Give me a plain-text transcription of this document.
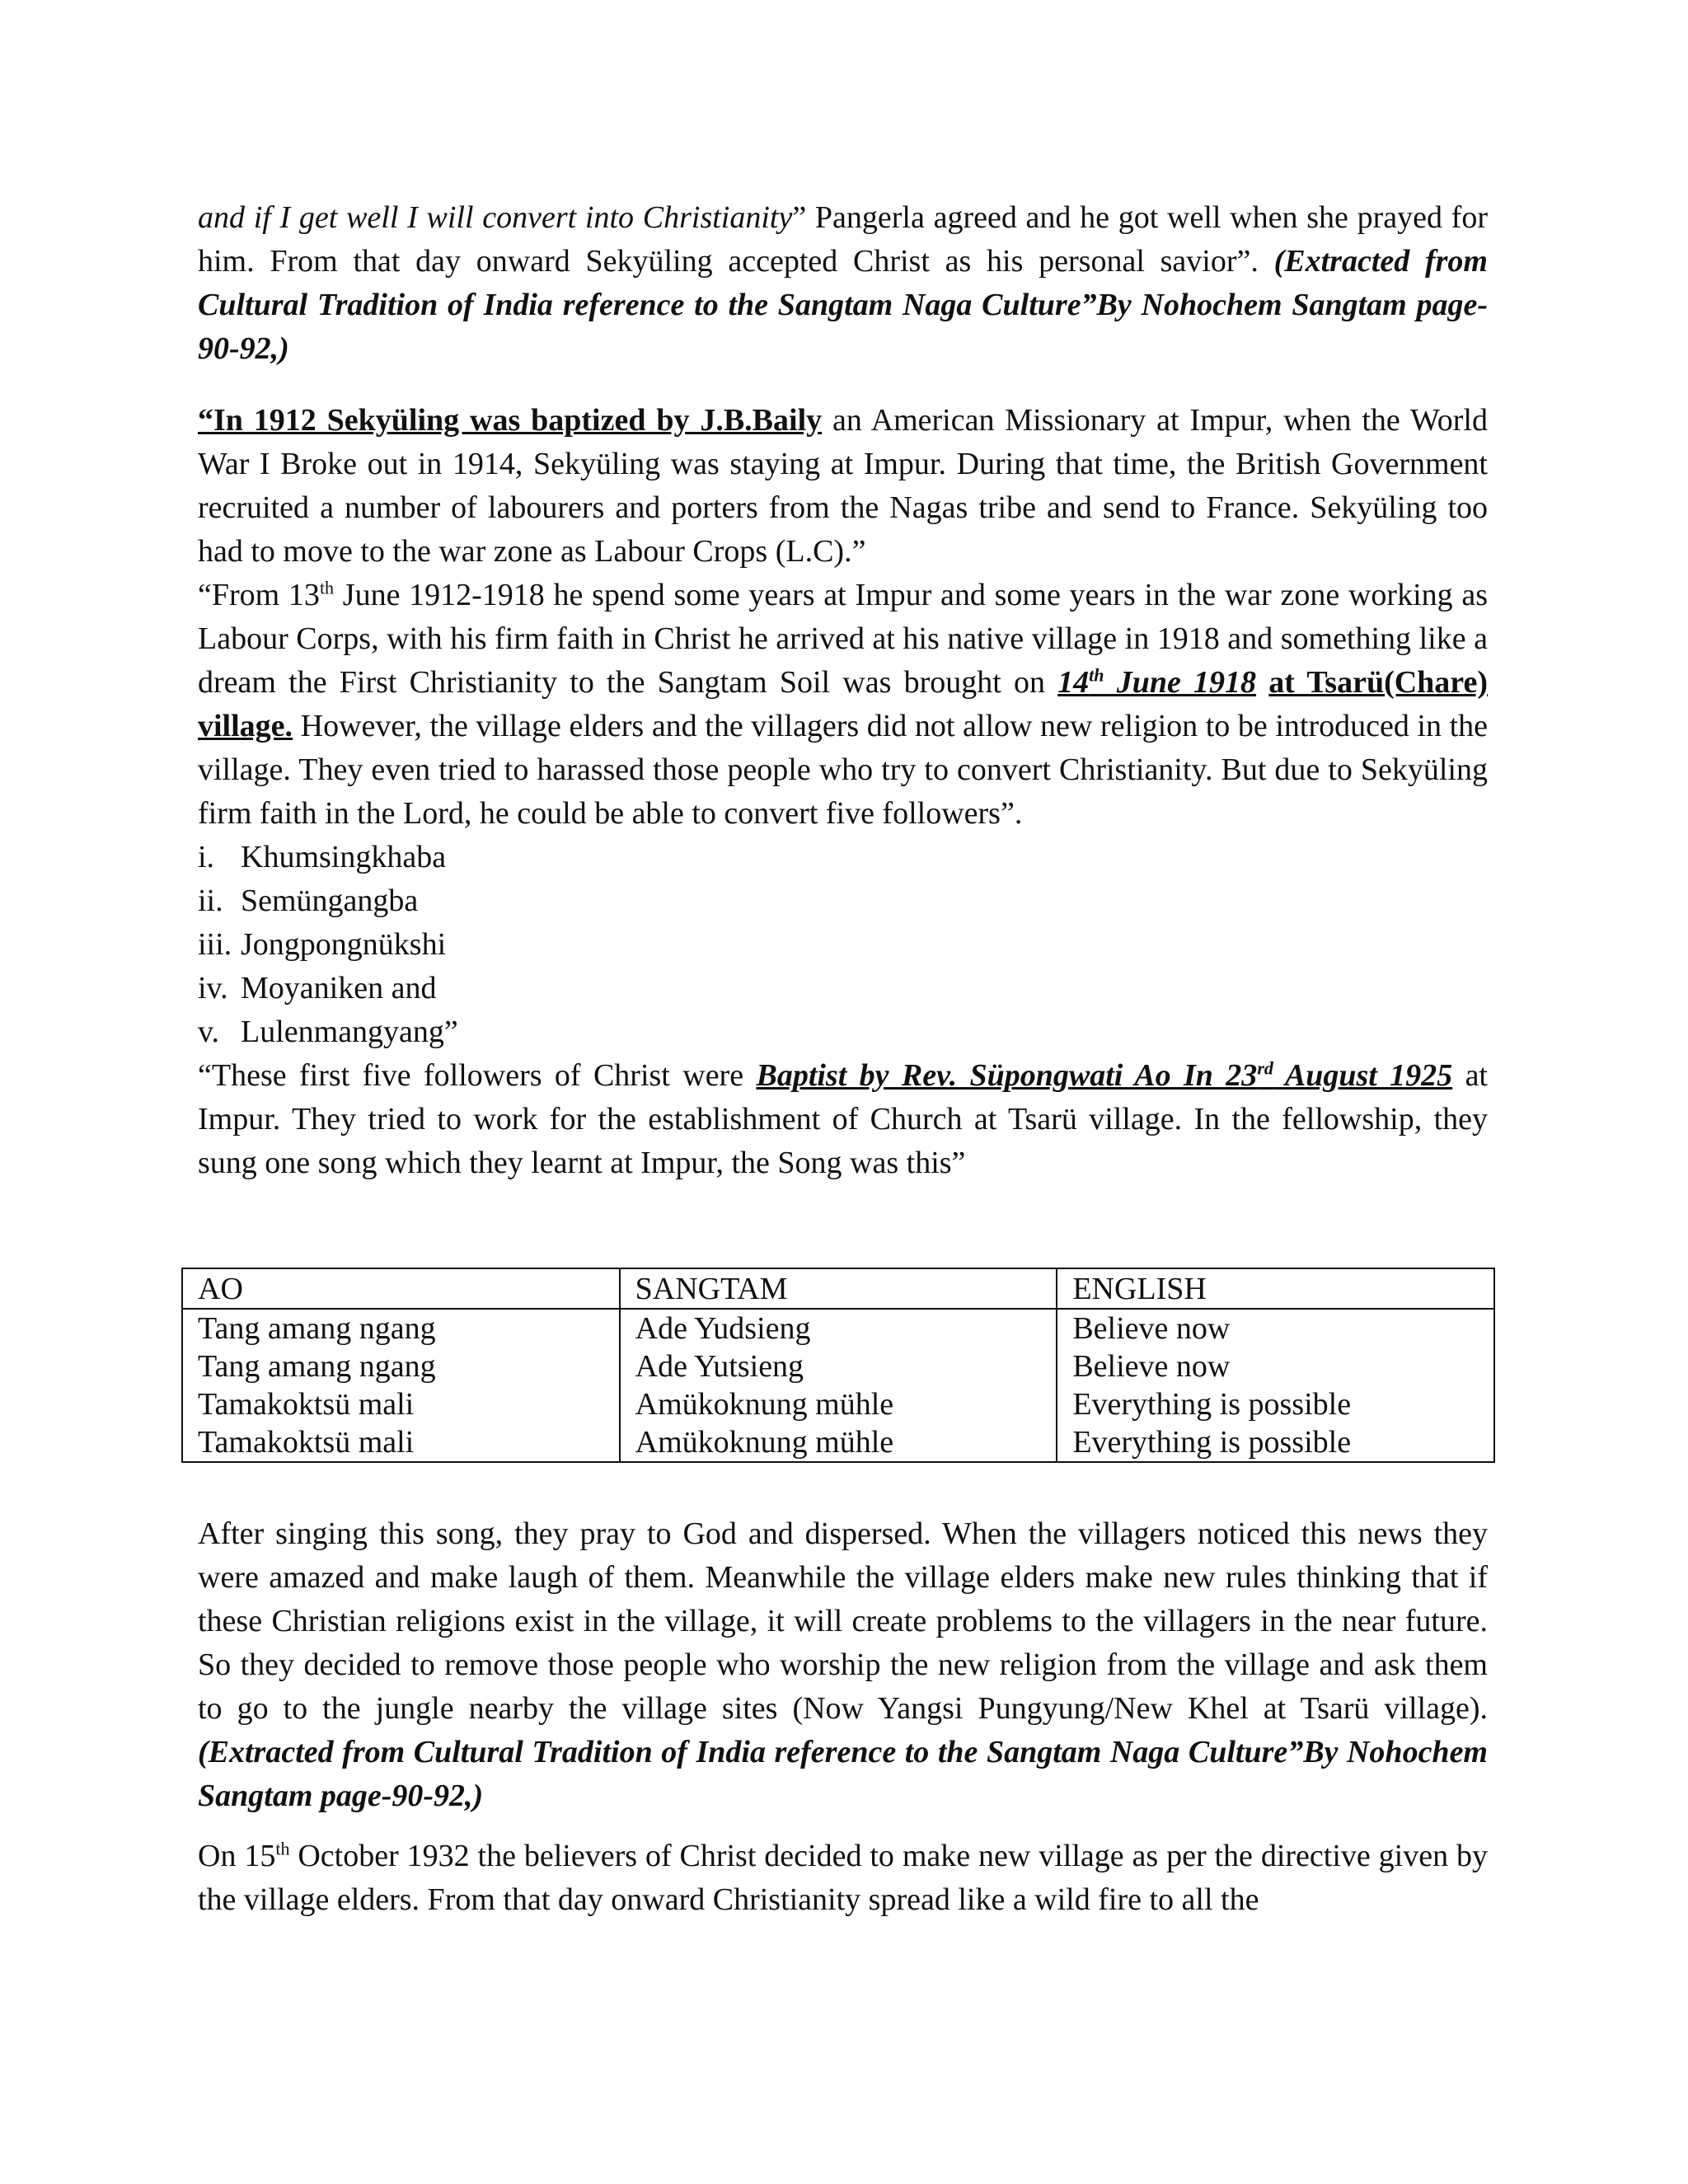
and if I get well I will convert into Christianity” Pangerla agreed and he got well when she prayed for him. From that day onward Sekyüling accepted Christ as his personal savior”. (Extracted from Cultural Tradition of India reference to the Sangtam Naga Culture”By Nohochem Sangtam page-90-92,)

“In 1912 Sekyüling was baptized by J.B.Baily an American Missionary at Impur, when the World War I Broke out in 1914, Sekyüling was staying at Impur. During that time, the British Government recruited a number of labourers and porters from the Nagas tribe and send to France. Sekyüling too had to move to the war zone as Labour Crops (L.C).”

“From 13th June 1912-1918 he spend some years at Impur and some years in the war zone working as Labour Corps, with his firm faith in Christ he arrived at his native village in 1918 and something like a dream the First Christianity to the Sangtam Soil was brought on 14th June 1918 at Tsarü(Chare) village. However, the village elders and the villagers did not allow new religion to be introduced in the village. They even tried to harassed those people who try to convert Christianity. But due to Sekyüling firm faith in the Lord, he could be able to convert five followers”.

i. Khumsingkhaba
ii. Semüngangba
iii. Jongpongnükshi
iv. Moyaniken and
v. Lulenmangyang”

“These first five followers of Christ were Baptist by Rev. Süpongwati Ao In 23rd August 1925 at Impur. They tried to work for the establishment of Church at Tsarü village. In the fellowship, they sung one song which they learnt at Impur, the Song was this”

AO	SANGTAM	ENGLISH
Tang amang ngang	Ade Yudsieng	Believe now
Tang amang ngang	Ade Yutsieng	Believe now
Tamakoktsü mali	Amükoknung mühle	Everything is possible
Tamakoktsü mali	Amükoknung mühle	Everything is possible

After singing this song, they pray to God and dispersed. When the villagers noticed this news they were amazed and make laugh of them. Meanwhile the village elders make new rules thinking that if these Christian religions exist in the village, it will create problems to the villagers in the near future. So they decided to remove those people who worship the new religion from the village and ask them to go to the jungle nearby the village sites (Now Yangsi Pungyung/New Khel at Tsarü village). (Extracted from Cultural Tradition of India reference to the Sangtam Naga Culture”By Nohochem Sangtam page-90-92,)

On 15th October 1932 the believers of Christ decided to make new village as per the directive given by the village elders. From that day onward Christianity spread like a wild fire to all the
